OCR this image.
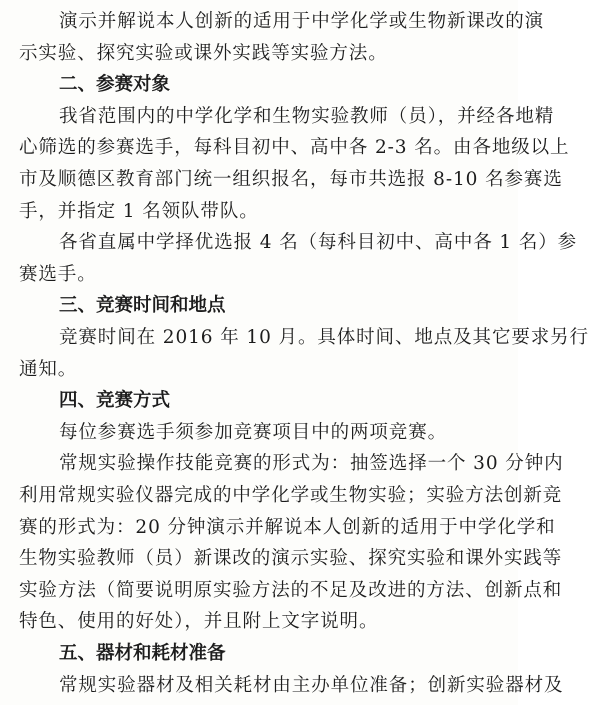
演示并解说本人创新的适用于中学化学或生物新课改的演
示实验、探究实验或课外实践等实验方法。
二、参赛对象
我省范围内的中学化学和生物实验教师（员），并经各地精
心筛选的参赛选手，每科目初中、高中各 2-3 名。由各地级以上
市及顺德区教育部门统一组织报名，每市共选报 8-10 名参赛选
手，并指定 1 名领队带队。
各省直属中学择优选报 4 名（每科目初中、高中各 1 名）参
赛选手。
三、竞赛时间和地点
竞赛时间在 2016 年 10 月。具体时间、地点及其它要求另行
通知。
四、竞赛方式
每位参赛选手须参加竞赛项目中的两项竞赛。
常规实验操作技能竞赛的形式为：抽签选择一个 30 分钟内
利用常规实验仪器完成的中学化学或生物实验；实验方法创新竞
赛的形式为：20 分钟演示并解说本人创新的适用于中学化学和
生物实验教师（员）新课改的演示实验、探究实验和课外实践等
实验方法（简要说明原实验方法的不足及改进的方法、创新点和
特色、使用的好处），并且附上文字说明。
五、器材和耗材准备
常规实验器材及相关耗材由主办单位准备；创新实验器材及
